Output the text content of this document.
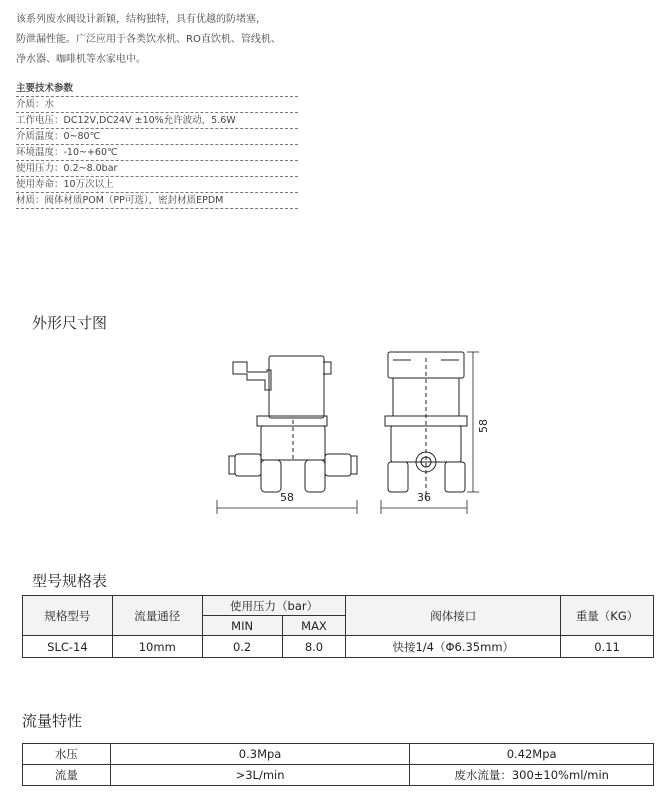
该系列废水阀设计新颖，结构独特，具有优越的防堵塞，

防泄漏性能。广泛应用于各类饮水机、RO直饮机、管线机、

净水器、咖啡机等水家电中。

主要技术参数
介质：水
工作电压：DC12V,DC24V ±10%允许波动，5.6W
介质温度：0~80℃
环境温度：-10~+60℃
使用压力：0.2~8.0bar
使用寿命：10万次以上
材质：阀体材质POM（PP可选），密封材质EPDM
外形尺寸图
58	36
58
型号规格表
规格型号	流量通径	使用压力（bar）		阀体接口	重量（KG）
		MIN	MAX		
SLC-14	10mm	0.2	8.0	快接1/4（Φ6.35mm）	0.11
流量特性
水压	0.3Mpa	0.42Mpa
流量	>3L/min	废水流量：300±10%ml/min
